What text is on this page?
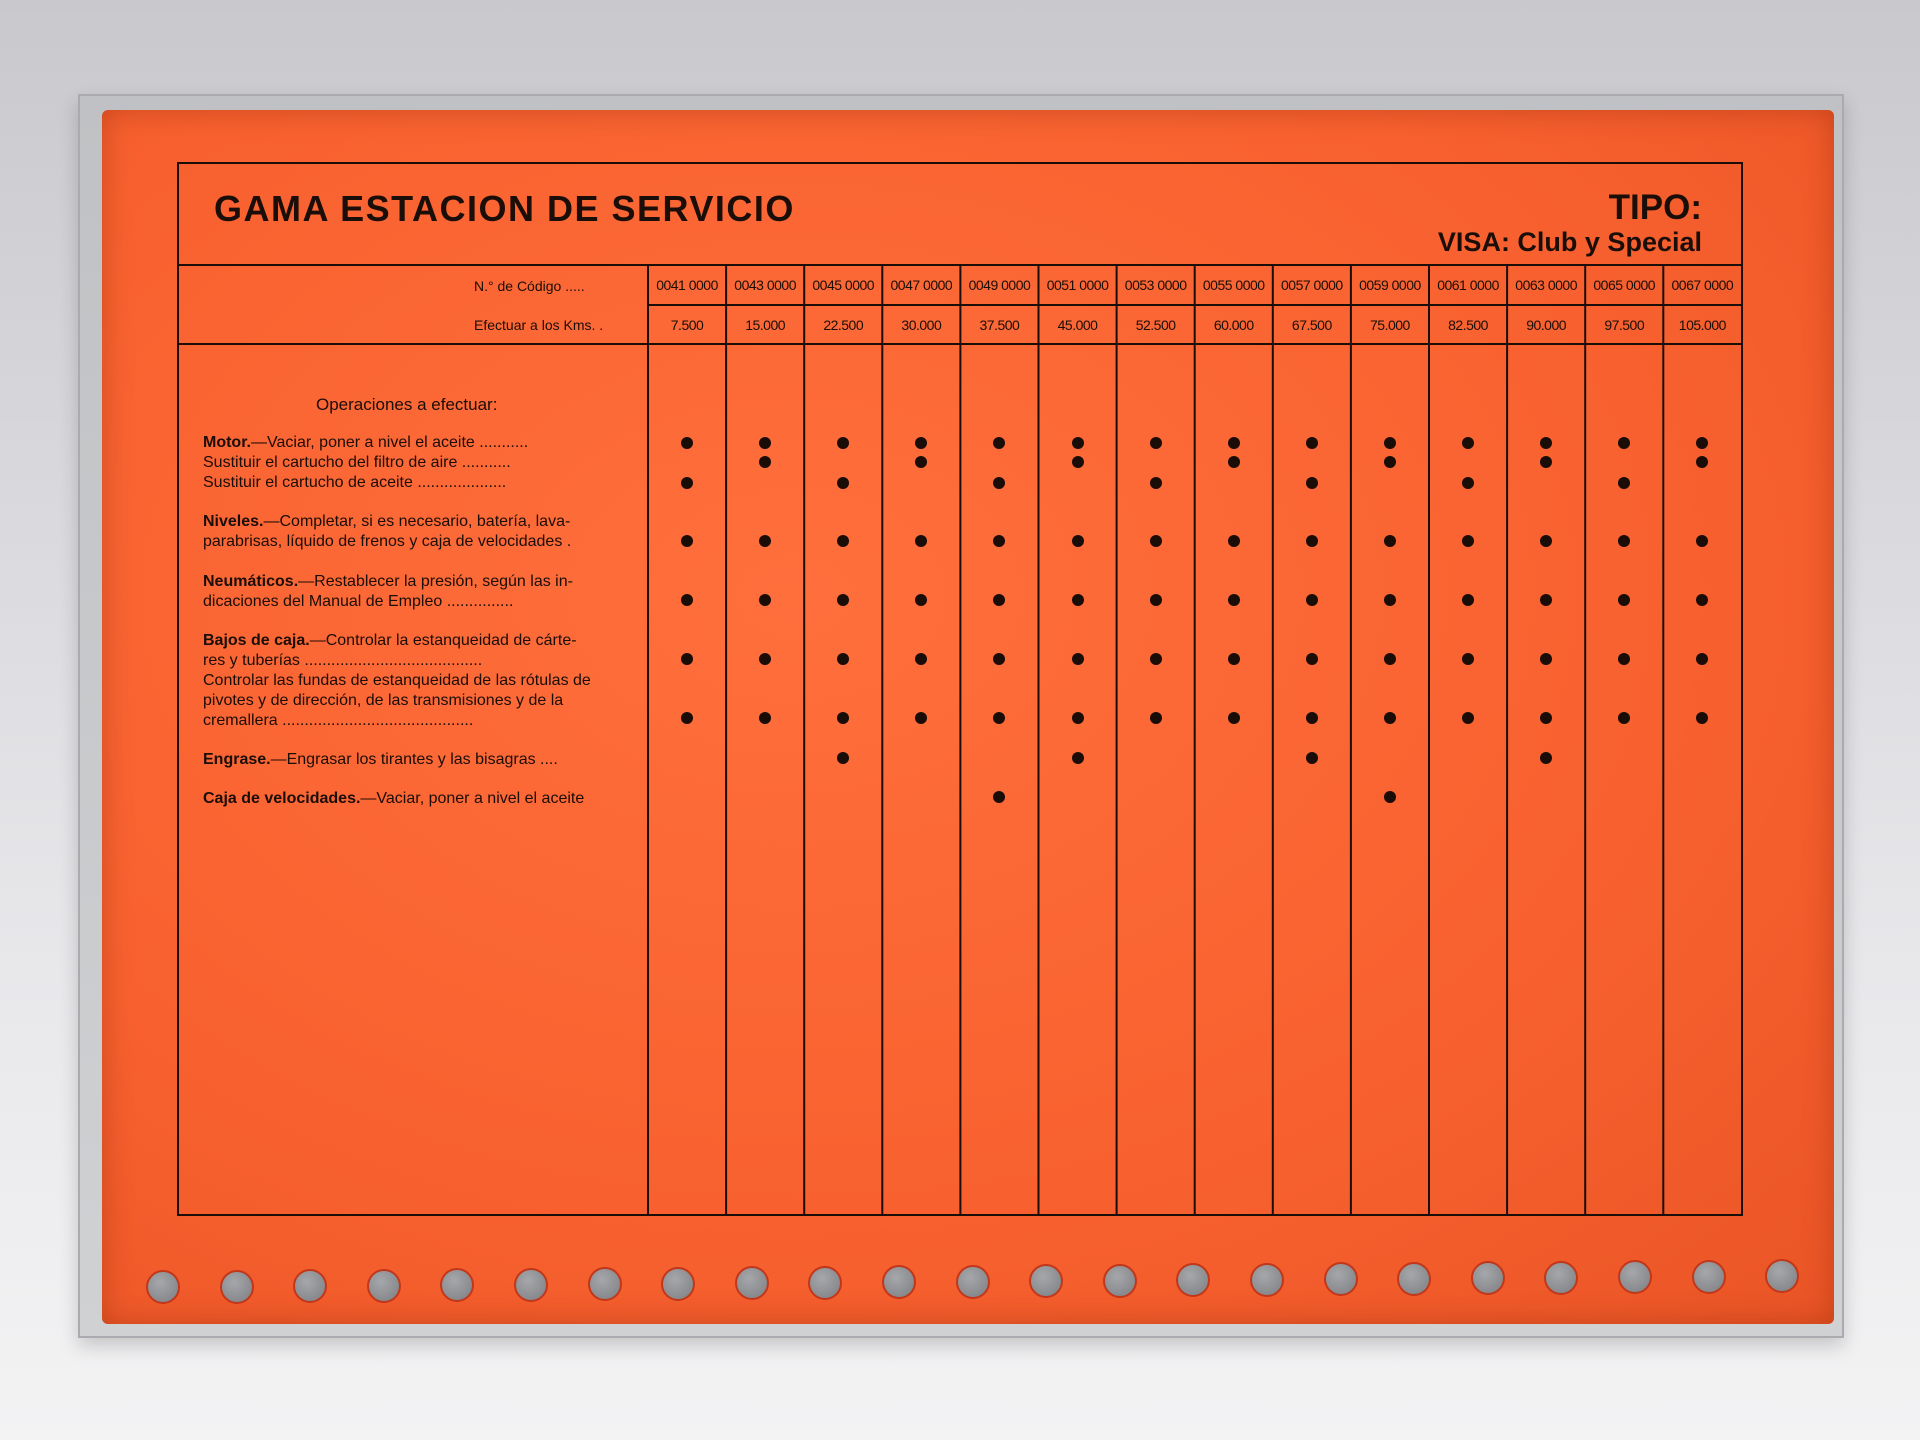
GAMA ESTACION DE SERVICIO	TIPO:
VISA: Club y Special
N.° de Código .....
Efectuar a los Kms. .
0041 0000
7.500
0043 0000
15.000
0045 0000
22.500
0047 0000
30.000
0049 0000
37.500
0051 0000
45.000
0053 0000
52.500
0055 0000
60.000
0057 0000
67.500
0059 0000
75.000
0061 0000
82.500
0063 0000
90.000
0065 0000
97.500
0067 0000
105.000
Operaciones a efectuar:
Motor.—Vaciar, poner a nivel el aceite ...........
Sustituir el cartucho del filtro de aire ...........
Sustituir el cartucho de aceite ....................
Niveles.—Completar, si es necesario, batería, lava-
parabrisas, líquido de frenos y caja de velocidades .
Neumáticos.—Restablecer la presión, según las in-
dicaciones del Manual de Empleo ...............
Bajos de caja.—Controlar la estanqueidad de cárte-
res y tuberías ........................................
Controlar las fundas de estanqueidad de las rótulas de
pivotes y de dirección, de las transmisiones y de la
cremallera ...........................................
Engrase.—Engrasar los tirantes y las bisagras ....
Caja de velocidades.—Vaciar, poner a nivel el aceite
